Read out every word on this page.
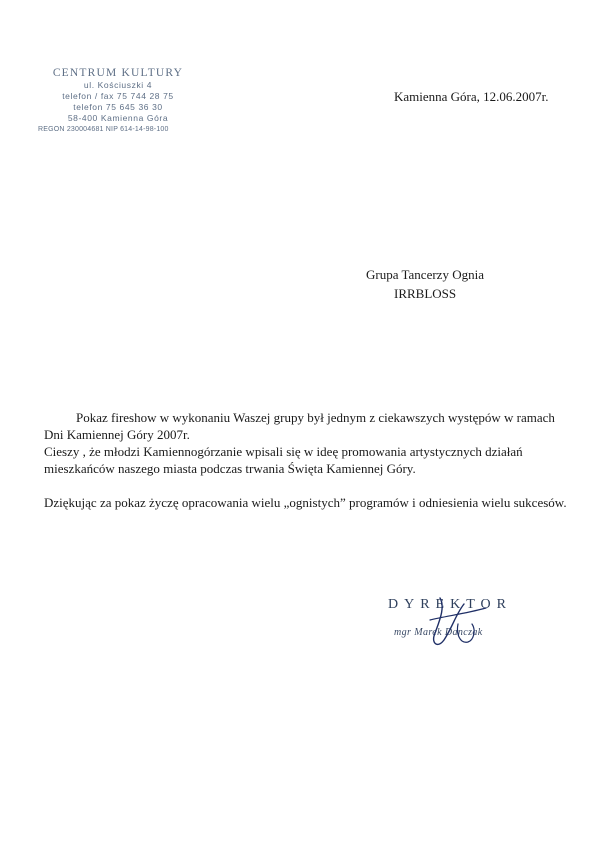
CENTRUM KULTURY
ul. Kościuszki 4
telefon / fax 75 744 28 75
telefon 75 645 36 30
58-400 Kamienna Góra
REGON 230004681 NIP 614-14-98-100
Kamienna Góra, 12.06.2007r.
Grupa Tancerzy Ognia
IRRBLOSS

Pokaz fireshow w wykonaniu Waszej grupy był jednym z ciekawszych występów w ramach Dni Kamiennej Góry 2007r.

Cieszy , że młodzi Kamiennogórzanie wpisali się w ideę promowania artystycznych działań mieszkańców naszego miasta podczas trwania Święta Kamiennej Góry.

Dziękując za pokaz życzę opracowania wielu „ognistych” programów i odniesienia wielu sukcesów.

DYREKTOR
mgr Marek Danczak
